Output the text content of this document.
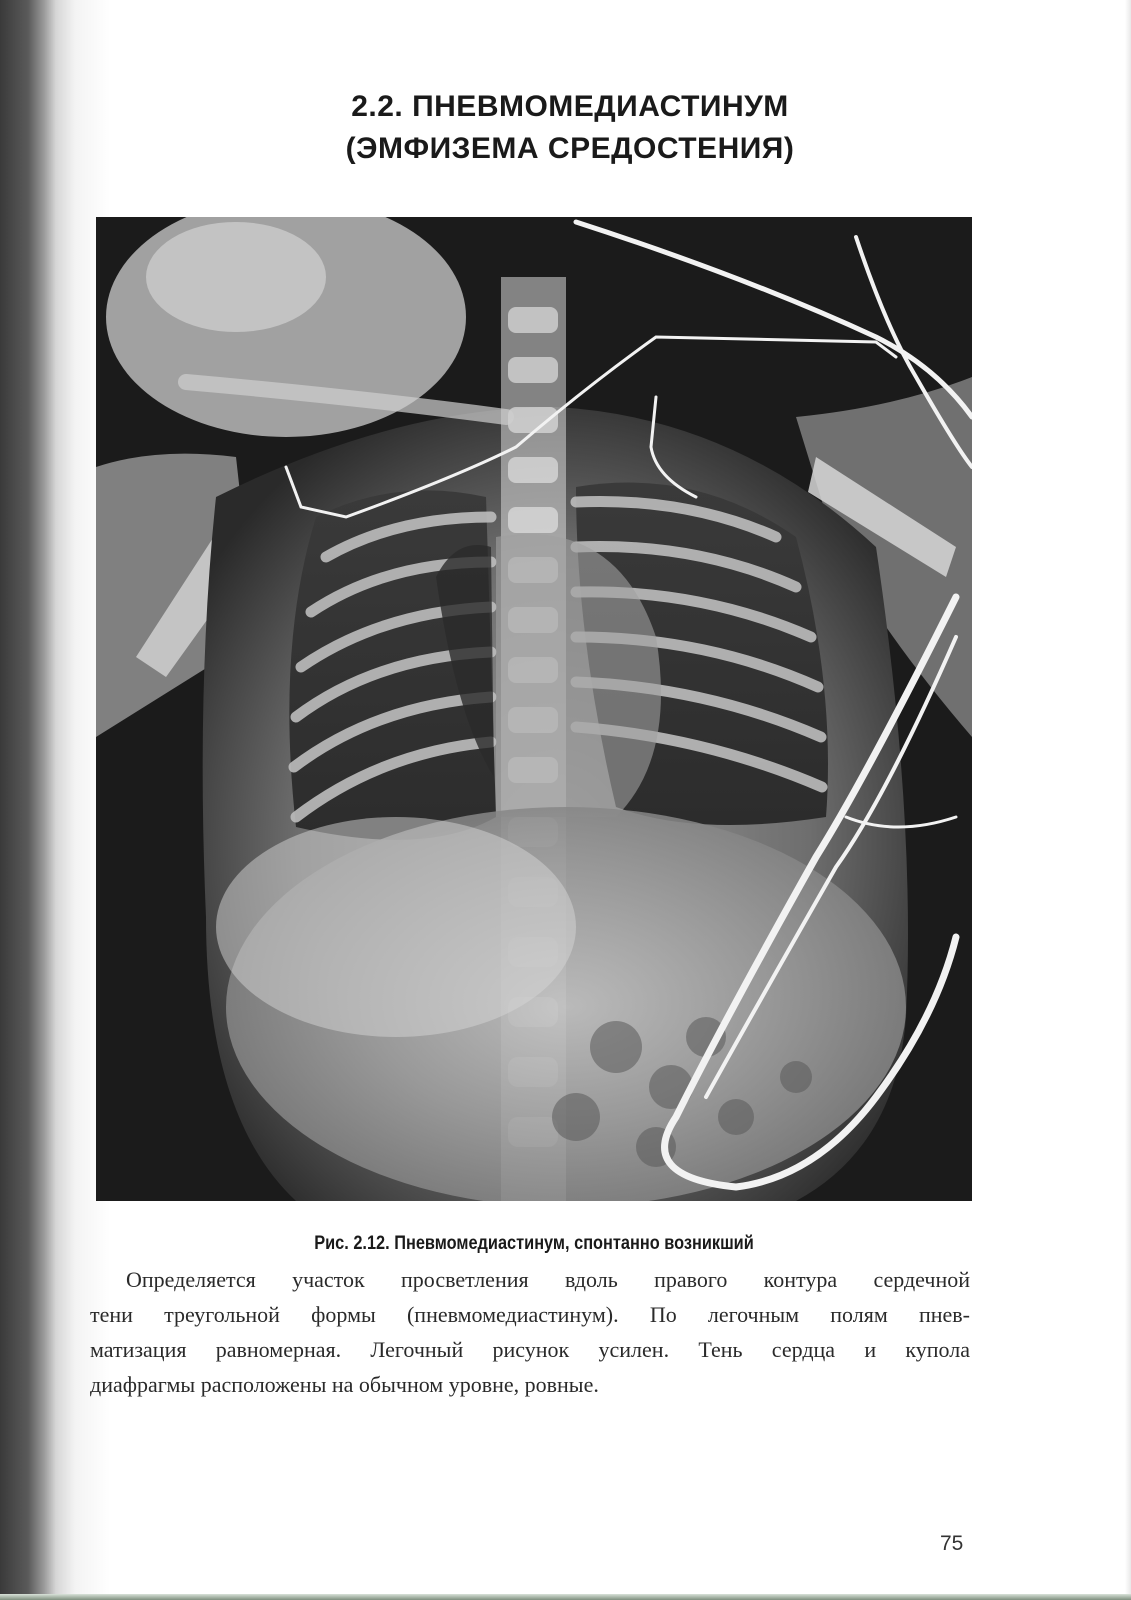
2.2. ПНЕВМОМЕДИАСТИНУМ
(ЭМФИЗЕМА СРЕДОСТЕНИЯ)
Рис. 2.12. Пневмомедиастинум, спонтанно возникший
Определяется участок просветления вдоль правого контура сердечной
тени треугольной формы (пневмомедиастинум). По легочным полям пнев-
матизация равномерная. Легочный рисунок усилен. Тень сердца и купола
диафрагмы расположены на обычном уровне, ровные.
75
